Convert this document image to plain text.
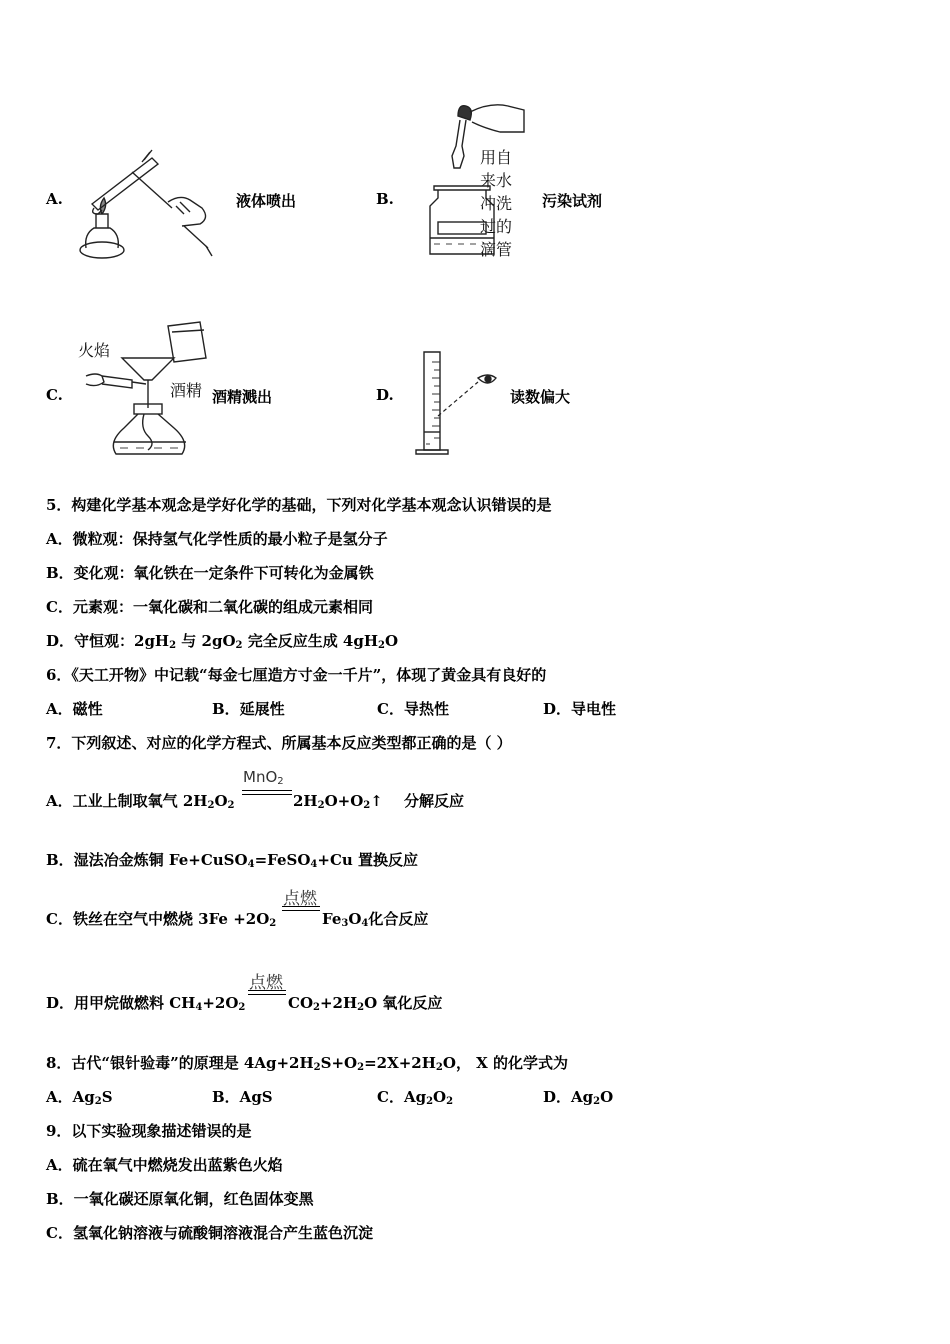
A.	液体喷出	B.
用自
来水
冲洗
过的
滴管
污染试剂
C.
火焰
酒精 酒精溅出	D.	读数偏大
5．构建化学基本观念是学好化学的基础，下列对化学基本观念认识错误的是
A．微粒观：保持氢气化学性质的最小粒子是氢分子
B．变化观：氧化铁在一定条件下可转化为金属铁
C．元素观：一氧化碳和二氧化碳的组成元素相同
D．守恒观：$2gH_2$ 与 $2gO_2$ 完全反应生成 $4gH_2O$
6．《天工开物》中记载“每金七厘造方寸金一千片”，体现了黄金具有良好的
A．磁性	B．延展性	C．导热性	D．导电性
7．下列叙述、对应的化学方程式、所属基本反应类型都正确的是（ ）
MnO$_2$
A．工业上制取氧气 $2H_2O_2$	$2H_2O+O_2↑$ 分解反应
B．湿法冶金炼铜 Fe+CuSO$_4$=FeSO$_4$+Cu 置换反应
点燃
C．铁丝在空气中燃烧 $3Fe +2O_2$	$Fe_3O_4$化合反应
点燃
D．用甲烷做燃料 $CH_4+2O_2$	$CO_2+2H_2O$ 氧化反应
8．古代“银针验毒”的原理是 $4Ag+2H_2S+O_2=2X+2H_2O$， X 的化学式为
A．$Ag_2S$	B．AgS	C．$Ag_2O_2$	D．$Ag_2O$
9．以下实验现象描述错误的是
A．硫在氧气中燃烧发出蓝紫色火焰
B．一氧化碳还原氧化铜，红色固体变黑
C．氢氧化钠溶液与硫酸铜溶液混合产生蓝色沉淀
